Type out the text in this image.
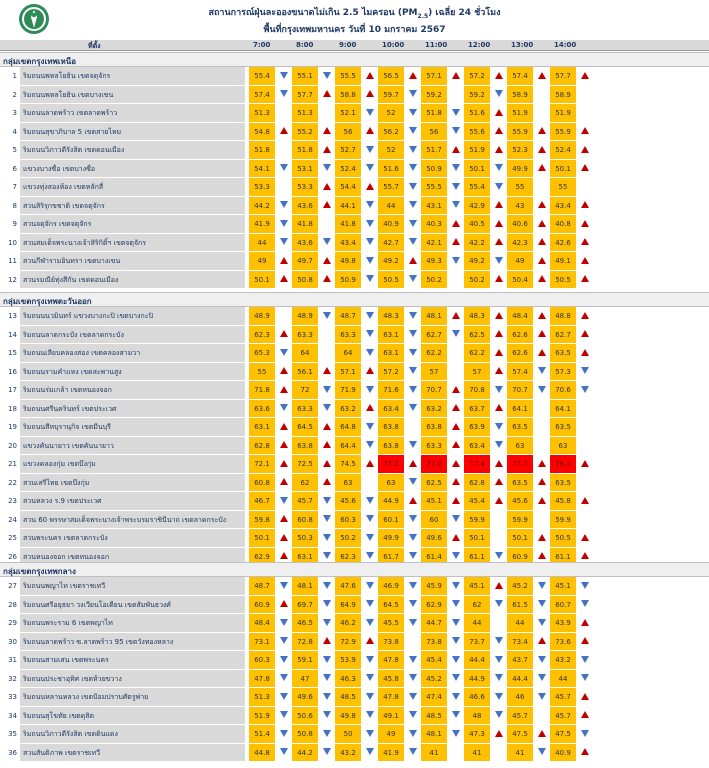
สถานการณ์ฝุ่นละอองขนาดไม่เกิน 2.5 ไมครอน $(PM_{2.5})$ เฉลี่ย 24 ชั่วโมง
พื้นที่กรุงเทพมหานคร วันที่ 10 มกราคม 2567
ที่ตั้ง	7:00	8:00	9:00	10:00	11:00	12:00	13:00	14:00
กลุ่มเขตกรุงเทพเหนือ
1 ริมถนนพหลโยธิน เขตจตุจักร	55.4	55.1	55.5	56.5	57.1	57.2	57.4	57.7
2 ริมถนนพหลโยธิน เขตบางเขน	57.4	57.7	58.8	59.7	59.2	59.2	58.9	58.9
3 ริมถนนลาดพร้าว เขตลาดพร้าว	51.3	51.3	52.1	52	51.8	51.6	51.9	51.9
4 ริมถนนสุขาภิบาล 5 เขตสายไหม	54.8	55.2	56	56.2	56	55.6	55.9	55.9
5 ริมถนนวิภาวดีรังสิต เขตดอนเมือง	51.8	51.8	52.7	52	51.7	51.9	52.3	52.4
6 แขวงบางซื่อ เขตบางซื่อ	54.1	53.1	52.4	51.6	50.9	50.1	49.9	50.1
7 แขวงทุ่งสองห้อง เขตหลักสี่	53.3	53.3	54.4	55.7	55.5	55.4	55	55
8 สวนสิริรุกขชาติ เขตจตุจักร	44.2	43.6	44.1	44	43.1	42.9	43	43.4
9 สวนจตุจักร เขตจตุจักร	41.9	41.8	41.8	40.9	40.3	40.5	40.6	40.8
10 สวนสมเด็จพระนางเจ้าสิริกิติ์ฯ เขตจตุจักร	44	43.6	43.4	42.7	42.1	42.2	42.3	42.6
11 สวนกีฬารามอินทรา เขตบางเขน	49	49.7	49.8	49.2	49.3	49.2	49	49.1
12 สวนรมณีย์ทุ่งสีกัน เขตดอนเมือง	50.1	50.8	50.9	50.5	50.2	50.2	50.4	50.5
กลุ่มเขตกรุงเทพตะวันออก
13 ริมถนนนวมินทร์ แขวงบางกะปิ เขตบางกะปิ	48.9	48.9	48.7	48.3	48.1	48.3	48.4	48.8
14 ริมถนนลาดกระบัง เขตลาดกระบัง	62.3	63.3	63.3	63.1	62.7	62.5	62.6	62.7
15 ริมถนนเลียบคลองสอง เขตคลองสามวา	65.3	64	64	63.1	62.2	62.2	62.6	63.5
16 ริมถนนรามคำแหง เขตสะพานสูง	55	56.1	57.1	57.2	57	57	57.4	57.3
17 ริมถนนร่มเกล้า เขตหนองจอก	71.8	72	71.9	71.6	70.7	70.8	70.7	70.6
18 ริมถนนศรีนครินทร์ เขตประเวศ	63.6	63.3	63.2	63.4	63.2	63.7	64.1	64.1
19 ริมถนนสีหบุรานุกิจ เขตมีนบุรี	63.1	64.5	64.8	63.8	63.8	63.9	63.5	63.5
20 แขวงคันนายาว เขตคันนายาว	62.8	63.8	64.4	63.8	63.3	63.4	63	63
21 แขวงคลองกุ่ม เขตบึงกุ่ม	72.1	72.5	74.5	75.5	77.0	77.4	77.7	78.2
22 สวนเสรีไทย เขตบึงกุ่ม	60.8	62	63	63	62.5	62.8	63.5	63.5
23 สวนหลวง ร.9 เขตประเวศ	46.7	45.7	45.6	44.9	45.1	45.4	45.6	45.8
24 สวน 60 พรรษาสมเด็จพระนางเจ้าพระบรมราชินีนาถ เขตลาดกระบัง	59.8	60.8	60.3	60.1	60	59.9	59.9	59.9
25 สวนพระนคร เขตลาดกระบัง	50.1	50.3	50.2	49.9	49.6	50.1	50.1	50.5
26 สวนหนองจอก เขตหนองจอก	62.9	63.1	62.3	61.7	61.4	61.1	60.9	61.1
กลุ่มเขตกรุงเทพกลาง
27 ริมถนนพญาไท เขตราชเทวี	48.7	48.1	47.6	46.9	45.9	45.1	45.2	45.1
28 ริมถนนศรีอยุธยา วงเวียนโอเดียน เขตสัมพันธวงศ์	60.9	69.7	64.9	64.5	62.9	62	61.5	60.7
29 ริมถนนพระราม 6 เขตพญาไท	48.4	46.5	46.2	45.5	44.7	44	44	43.9
30 ริมถนนลาดพร้าว ซ.ลาดพร้าว 95 เขตวังทองหลาง	73.1	72.8	72.9	73.8	73.8	73.7	73.4	73.6
31 ริมถนนสามเสน เขตพระนคร	60.3	59.1	53.9	47.8	45.4	44.4	43.7	43.2
32 ริมถนนประชาอุทิศ เขตห้วยขวาง	47.8	47	46.3	45.8	45.2	44.9	44.4	44
33 ริมถนนหลานหลวง เขตป้อมปราบศัตรูพ่าย	51.3	49.6	48.5	47.8	47.4	46.6	46	45.7
34 ริมถนนสุโขทัย เขตดุสิต	51.9	50.6	49.8	49.1	48.5	48	45.7	45.7
35 ริมถนนวิภาวดีรังสิต เขตดินแดง	51.4	50.8	50	49	48.1	47.3	47.5	47.5
36 สวนสันติภาพ เขตราชเทวี	44.8	44.2	43.2	41.9	41	41	41	40.9
